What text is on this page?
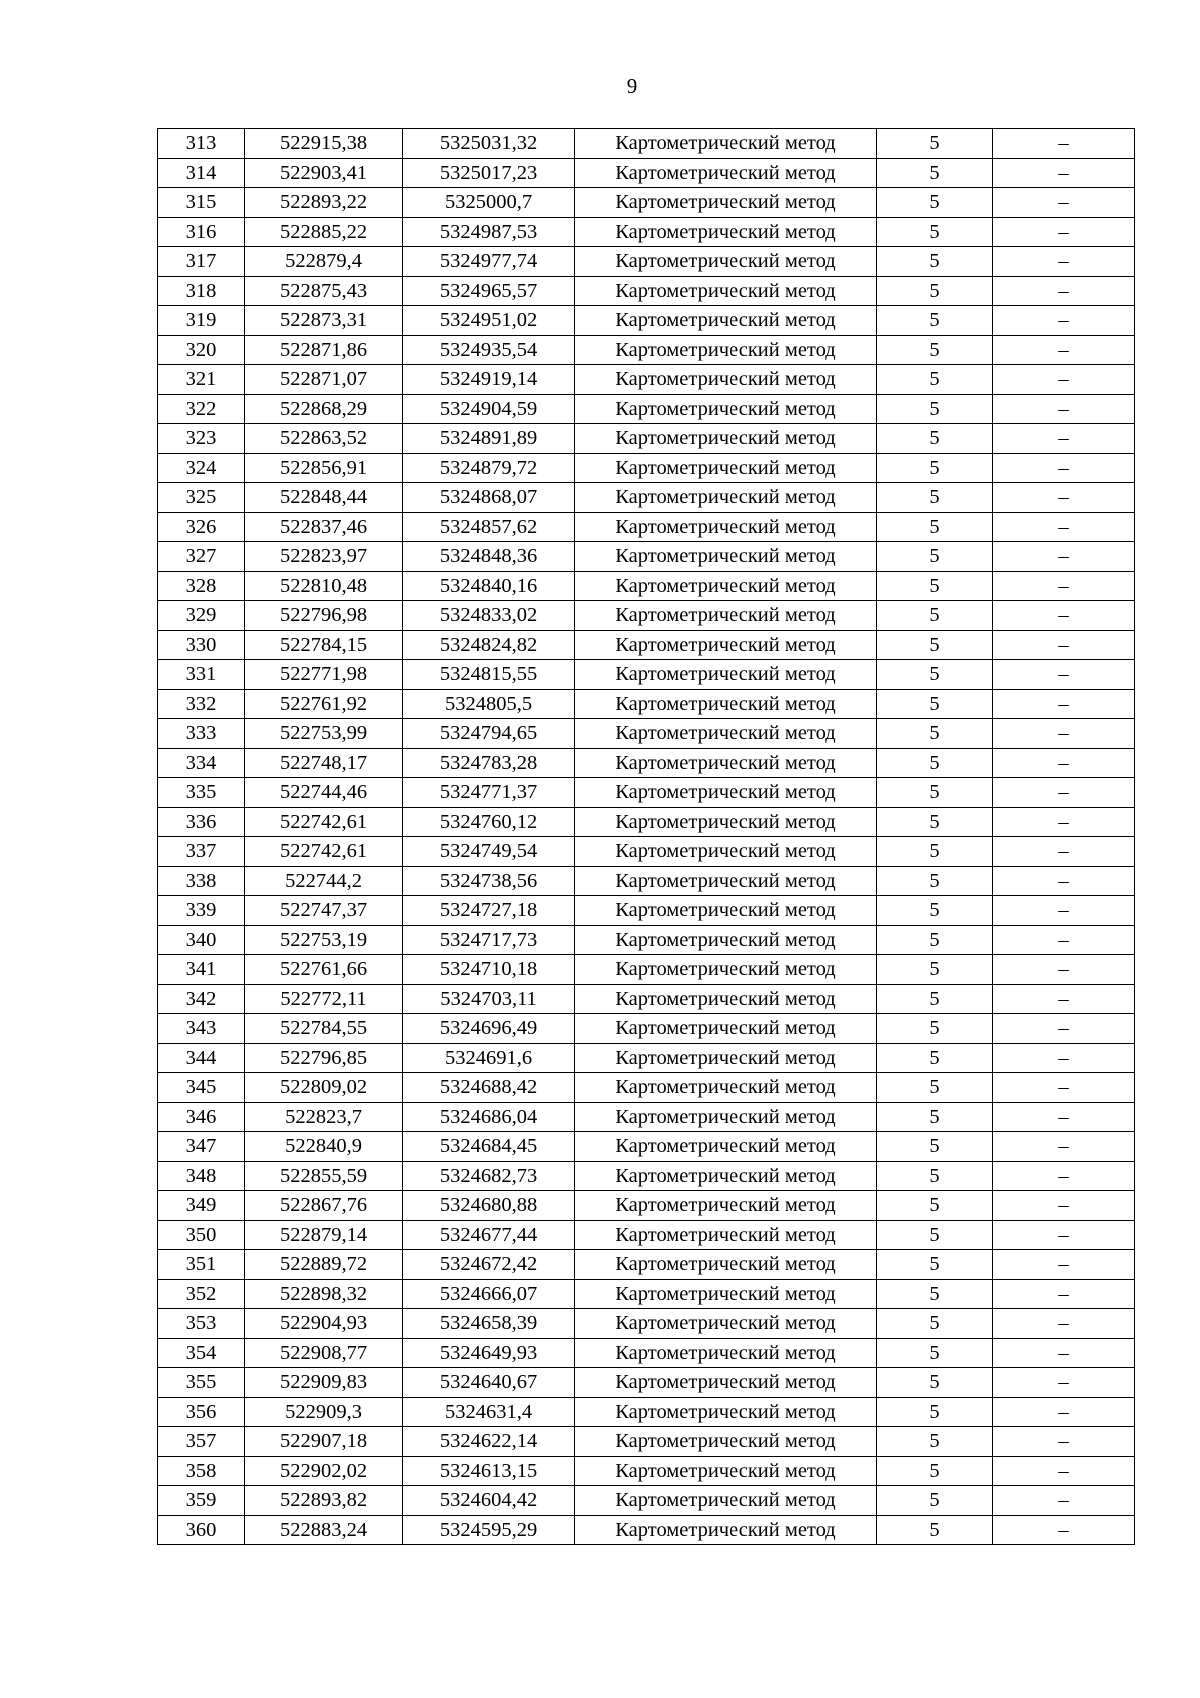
9
313	522915,38	5325031,32	Картометрический метод	5	–
314	522903,41	5325017,23	Картометрический метод	5	–
315	522893,22	5325000,7	Картометрический метод	5	–
316	522885,22	5324987,53	Картометрический метод	5	–
317	522879,4	5324977,74	Картометрический метод	5	–
318	522875,43	5324965,57	Картометрический метод	5	–
319	522873,31	5324951,02	Картометрический метод	5	–
320	522871,86	5324935,54	Картометрический метод	5	–
321	522871,07	5324919,14	Картометрический метод	5	–
322	522868,29	5324904,59	Картометрический метод	5	–
323	522863,52	5324891,89	Картометрический метод	5	–
324	522856,91	5324879,72	Картометрический метод	5	–
325	522848,44	5324868,07	Картометрический метод	5	–
326	522837,46	5324857,62	Картометрический метод	5	–
327	522823,97	5324848,36	Картометрический метод	5	–
328	522810,48	5324840,16	Картометрический метод	5	–
329	522796,98	5324833,02	Картометрический метод	5	–
330	522784,15	5324824,82	Картометрический метод	5	–
331	522771,98	5324815,55	Картометрический метод	5	–
332	522761,92	5324805,5	Картометрический метод	5	–
333	522753,99	5324794,65	Картометрический метод	5	–
334	522748,17	5324783,28	Картометрический метод	5	–
335	522744,46	5324771,37	Картометрический метод	5	–
336	522742,61	5324760,12	Картометрический метод	5	–
337	522742,61	5324749,54	Картометрический метод	5	–
338	522744,2	5324738,56	Картометрический метод	5	–
339	522747,37	5324727,18	Картометрический метод	5	–
340	522753,19	5324717,73	Картометрический метод	5	–
341	522761,66	5324710,18	Картометрический метод	5	–
342	522772,11	5324703,11	Картометрический метод	5	–
343	522784,55	5324696,49	Картометрический метод	5	–
344	522796,85	5324691,6	Картометрический метод	5	–
345	522809,02	5324688,42	Картометрический метод	5	–
346	522823,7	5324686,04	Картометрический метод	5	–
347	522840,9	5324684,45	Картометрический метод	5	–
348	522855,59	5324682,73	Картометрический метод	5	–
349	522867,76	5324680,88	Картометрический метод	5	–
350	522879,14	5324677,44	Картометрический метод	5	–
351	522889,72	5324672,42	Картометрический метод	5	–
352	522898,32	5324666,07	Картометрический метод	5	–
353	522904,93	5324658,39	Картометрический метод	5	–
354	522908,77	5324649,93	Картометрический метод	5	–
355	522909,83	5324640,67	Картометрический метод	5	–
356	522909,3	5324631,4	Картометрический метод	5	–
357	522907,18	5324622,14	Картометрический метод	5	–
358	522902,02	5324613,15	Картометрический метод	5	–
359	522893,82	5324604,42	Картометрический метод	5	–
360	522883,24	5324595,29	Картометрический метод	5	–
